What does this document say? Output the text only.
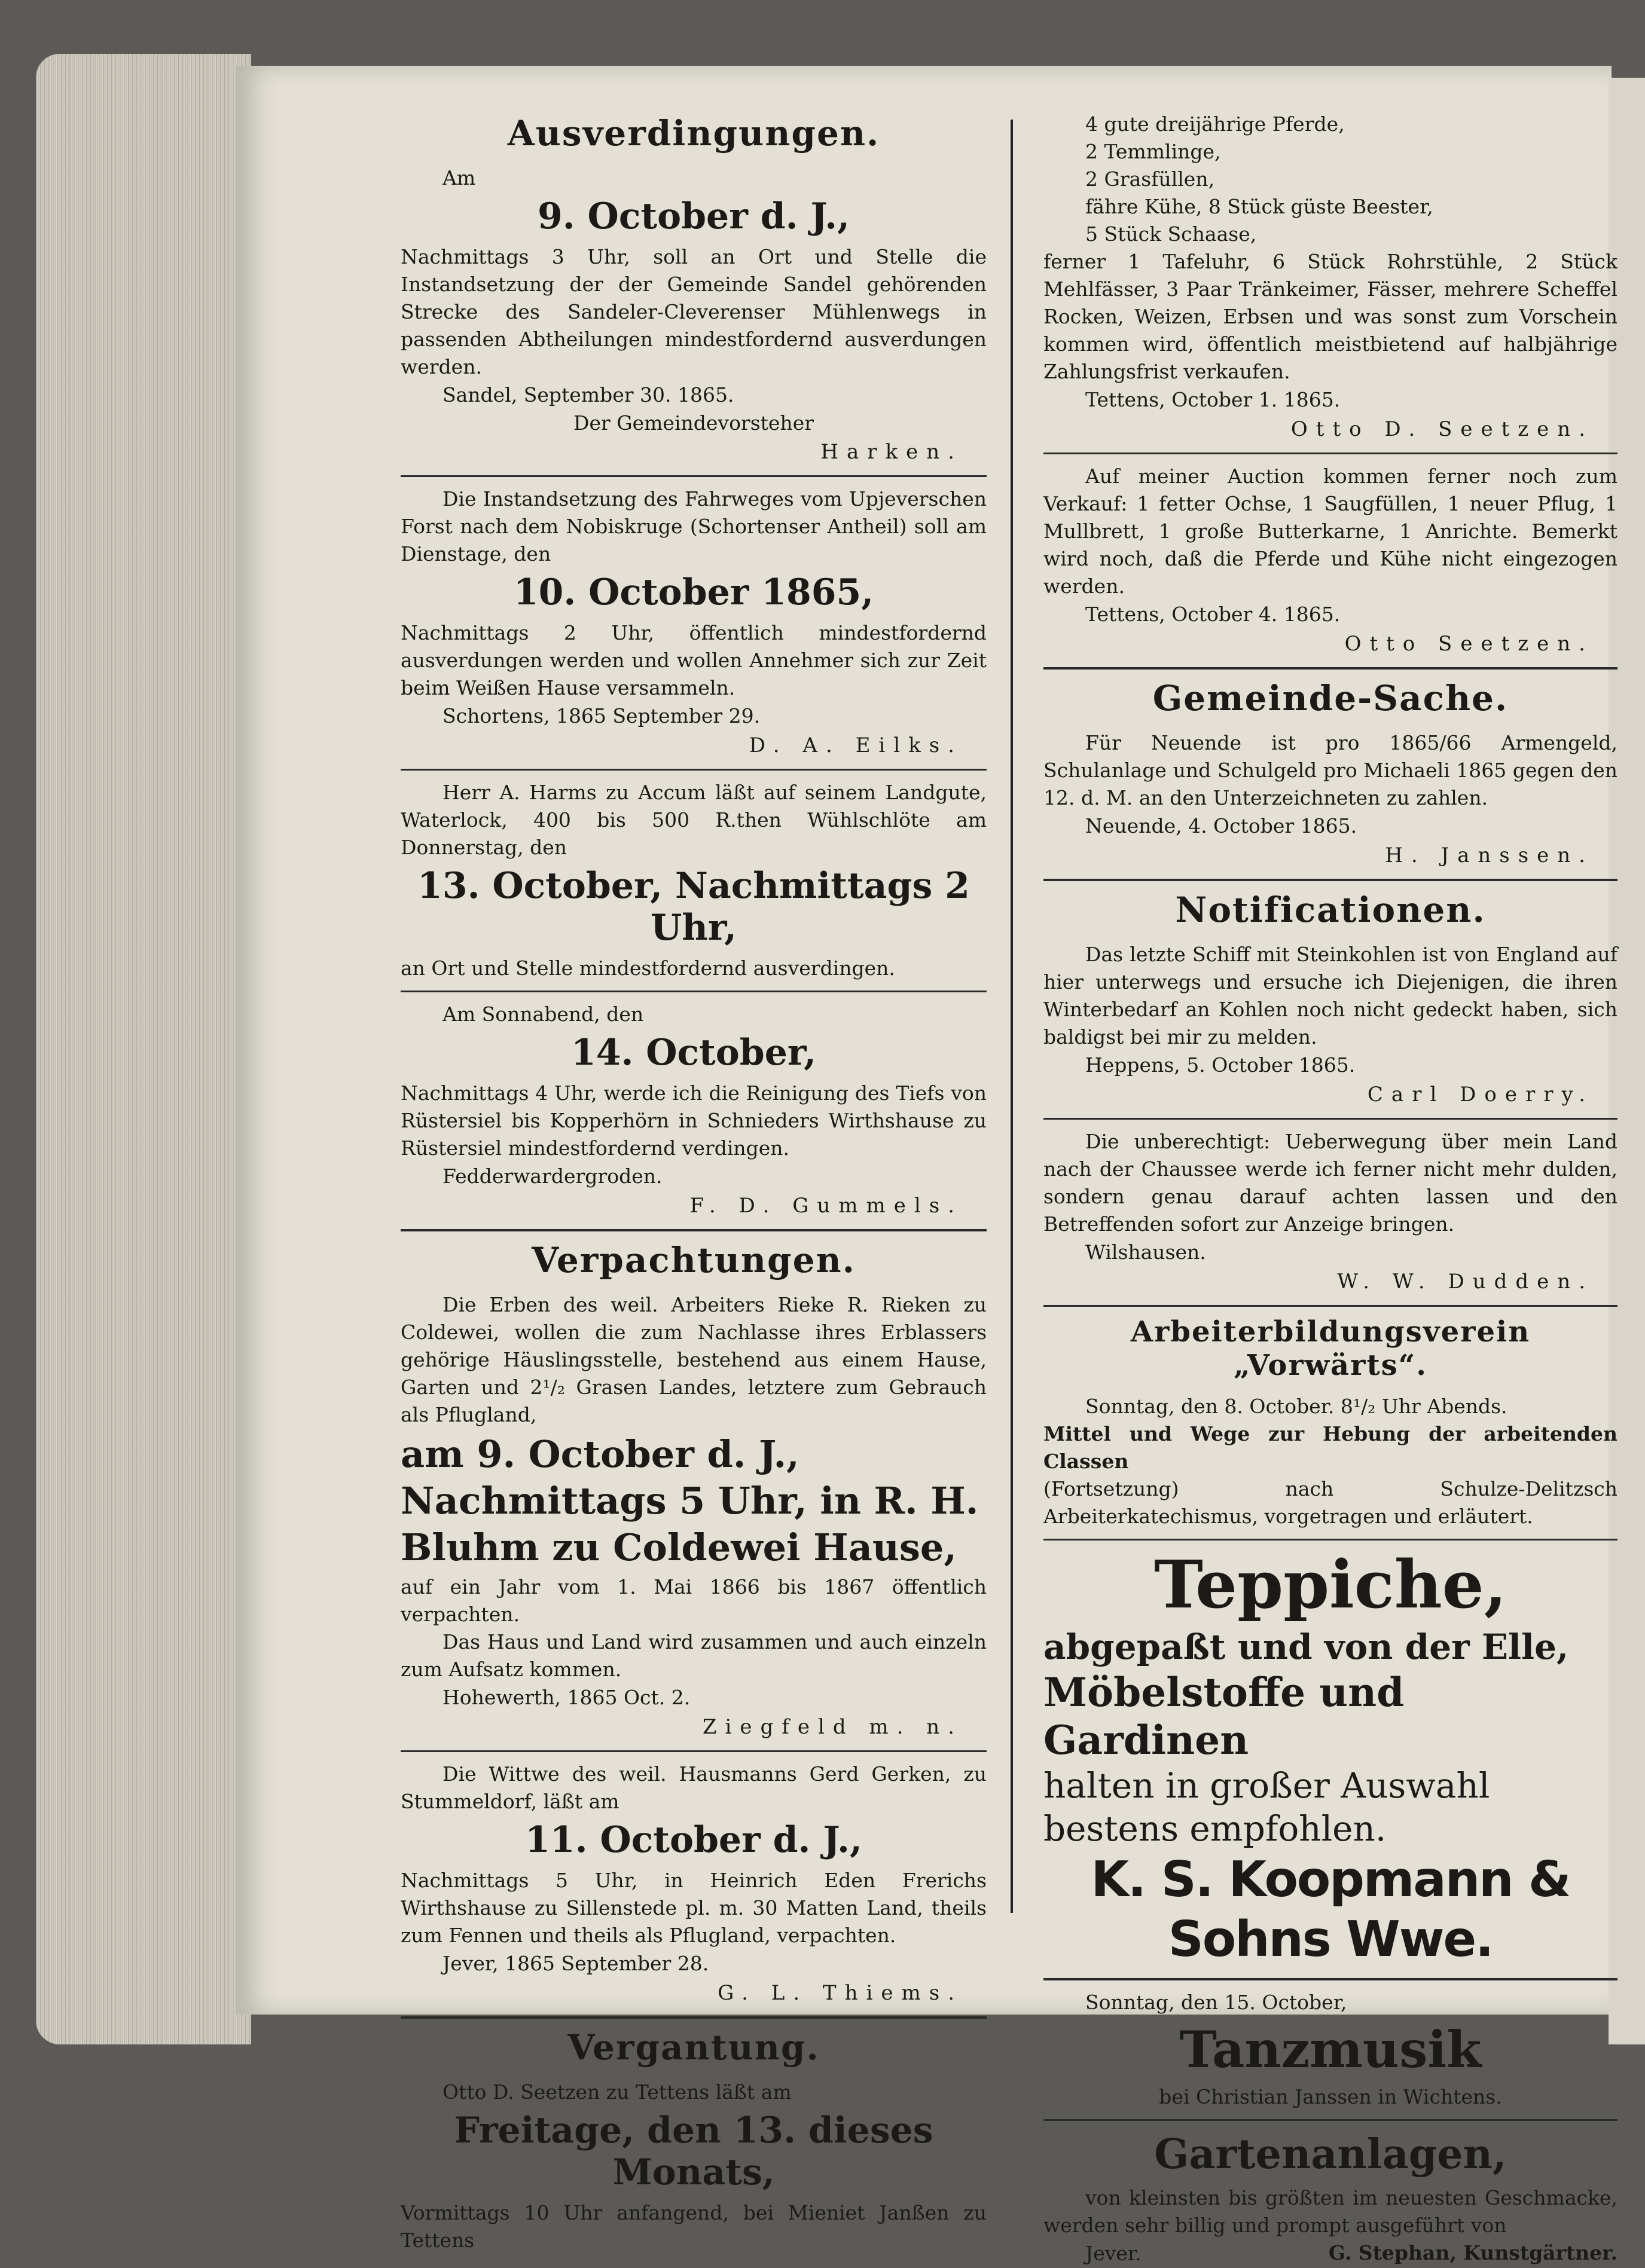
Ausverdingungen.

Am

9. October d. J.,

Nachmittags 3 Uhr, soll an Ort und Stelle die Instandsetzung der der Gemeinde Sandel gehörenden Strecke des Sandeler-Cleverenser Mühlenwegs in passenden Abtheilungen mindestfordernd ausverdungen werden.

Sandel, September 30. 1865.

Der Gemeindevorsteher

Harken.

Die Instandsetzung des Fahrweges vom Upjeverschen Forst nach dem Nobiskruge (Schortenser Antheil) soll am Dienstage, den

10. October 1865,

Nachmittags 2 Uhr, öffentlich mindestfordernd ausverdungen werden und wollen Annehmer sich zur Zeit beim Weißen Hause versammeln.

Schortens, 1865 September 29.

D. A. Eilks.

Herr A. Harms zu Accum läßt auf seinem Landgute, Waterlock, 400 bis 500 R.then Wühlschlöte am Donnerstag, den

13. October, Nachmittags 2 Uhr,

an Ort und Stelle mindestfordernd ausverdingen.

Am Sonnabend, den

14. October,

Nachmittags 4 Uhr, werde ich die Reinigung des Tiefs von Rüstersiel bis Kopperhörn in Schnieders Wirthshause zu Rüstersiel mindestfordernd verdingen.

Fedderwardergroden.

F. D. Gummels.

Verpachtungen.

Die Erben des weil. Arbeiters Rieke R. Rieken zu Coldewei, wollen die zum Nachlasse ihres Erblassers gehörige Häuslingsstelle, bestehend aus einem Hause, Garten und 2¹/₂ Grasen Landes, letztere zum Gebrauch als Pflugland,

am 9. October d. J., Nachmittags 5 Uhr, in R. H. Bluhm zu Coldewei Hause,

auf ein Jahr vom 1. Mai 1866 bis 1867 öffentlich verpachten.

Das Haus und Land wird zusammen und auch einzeln zum Aufsatz kommen.

Hohewerth, 1865 Oct. 2.

Ziegfeld m. n.

Die Wittwe des weil. Hausmanns Gerd Gerken, zu Stummeldorf, läßt am

11. October d. J.,

Nachmittags 5 Uhr, in Heinrich Eden Frerichs Wirthshause zu Sillenstede pl. m. 30 Matten Land, theils zum Fennen und theils als Pflugland, verpachten.

Jever, 1865 September 28.

G. L. Thiems.

Vergantung.

Otto D. Seetzen zu Tettens läßt am

Freitage, den 13. dieses Monats,

Vormittags 10 Uhr anfangend, bei Mieniet Janßen zu Tettens

4 gute dreijährige Pferde,

2 Temmlinge,

2 Grasfüllen,

fähre Kühe, 8 Stück güste Beester,

5 Stück Schaase,

ferner 1 Tafeluhr, 6 Stück Rohrstühle, 2 Stück Mehlfässer, 3 Paar Tränkeimer, Fässer, mehrere Scheffel Rocken, Weizen, Erbsen und was sonst zum Vorschein kommen wird, öffentlich meistbietend auf halbjährige Zahlungsfrist verkaufen.

Tettens, October 1. 1865.

Otto D. Seetzen.

Auf meiner Auction kommen ferner noch zum Verkauf: 1 fetter Ochse, 1 Saugfüllen, 1 neuer Pflug, 1 Mullbrett, 1 große Butterkarne, 1 Anrichte. Bemerkt wird noch, daß die Pferde und Kühe nicht eingezogen werden.

Tettens, October 4. 1865.

Otto Seetzen.

Gemeinde-Sache.

Für Neuende ist pro 1865/66 Armengeld, Schulanlage und Schulgeld pro Michaeli 1865 gegen den 12. d. M. an den Unterzeichneten zu zahlen.

Neuende, 4. October 1865.

H. Janssen.

Notificationen.

Das letzte Schiff mit Steinkohlen ist von England auf hier unterwegs und ersuche ich Diejenigen, die ihren Winterbedarf an Kohlen noch nicht gedeckt haben, sich baldigst bei mir zu melden.

Heppens, 5. October 1865.

Carl Doerry.

Die unberechtigt: Ueberwegung über mein Land nach der Chaussee werde ich ferner nicht mehr dulden, sondern genau darauf achten lassen und den Betreffenden sofort zur Anzeige bringen.

Wilshausen.

W. W. Dudden.

Arbeiterbildungsverein „Vorwärts“.

Sonntag, den 8. October. 8¹/₂ Uhr Abends.

Mittel und Wege zur Hebung der arbeitenden Classen

(Fortsetzung) nach Schulze-Delitzsch Arbeiterkatechismus, vorgetragen und erläutert.

Teppiche,
abgepaßt und von der Elle,
Möbelstoffe und Gardinen
halten in großer Auswahl bestens empfohlen.
K. S. Koopmann & Sohns Wwe.

Sonntag, den 15. October,

Tanzmusik

bei Christian Janssen in Wichtens.

Gartenanlagen,

von kleinsten bis größten im neuesten Geschmacke, werden sehr billig und prompt ausgeführt von

Jever.	G. Stephan, Kunstgärtner.
